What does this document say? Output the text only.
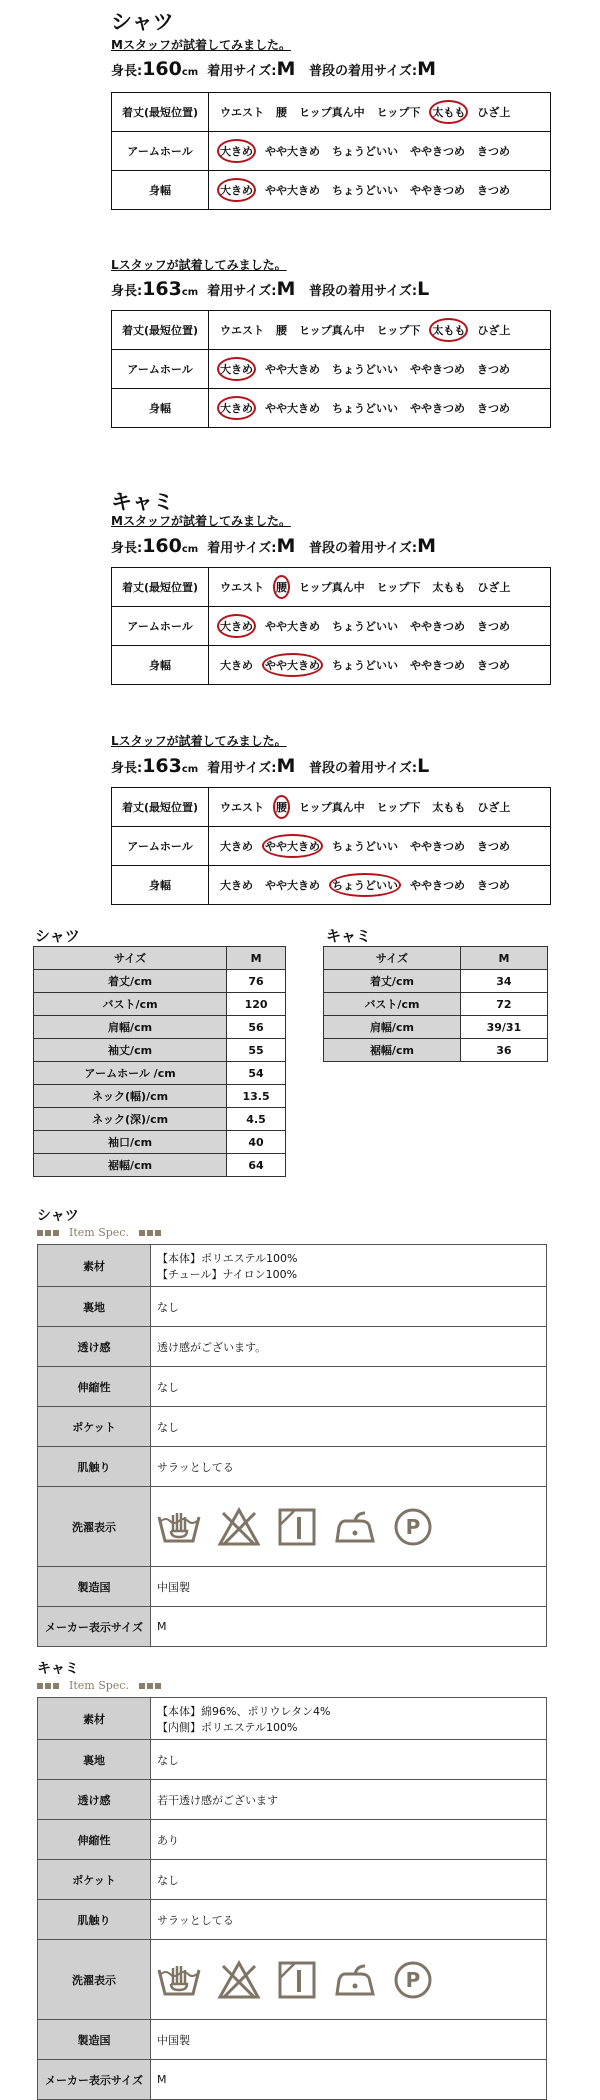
シャツ
Mスタッフが試着してみました。
身長:160cm 着用サイズ:M 普段の着用サイズ:M
着丈(最短位置)	ウエスト 腰 ヒップ真ん中 ヒップ下 太もも ひざ上
アームホール	大きめ やや大きめ ちょうどいい ややきつめ きつめ
身幅	大きめ やや大きめ ちょうどいい ややきつめ きつめ
Lスタッフが試着してみました。
身長:163cm 着用サイズ:M 普段の着用サイズ:L
着丈(最短位置)	ウエスト 腰 ヒップ真ん中 ヒップ下 太もも ひざ上
アームホール	大きめ やや大きめ ちょうどいい ややきつめ きつめ
身幅	大きめ やや大きめ ちょうどいい ややきつめ きつめ
キャミ
Mスタッフが試着してみました。
身長:160cm 着用サイズ:M 普段の着用サイズ:M
着丈(最短位置)	ウエスト 腰 ヒップ真ん中 ヒップ下 太もも ひざ上
アームホール	大きめ やや大きめ ちょうどいい ややきつめ きつめ
身幅	大きめ やや大きめ ちょうどいい ややきつめ きつめ
Lスタッフが試着してみました。
身長:163cm 着用サイズ:M 普段の着用サイズ:L
着丈(最短位置)	ウエスト 腰 ヒップ真ん中 ヒップ下 太もも ひざ上
アームホール	大きめ やや大きめ ちょうどいい ややきつめ きつめ
身幅	大きめ やや大きめ ちょうどいい ややきつめ きつめ
シャツ
サイズ	M
着丈/cm	76
バスト/cm	120
肩幅/cm	56
袖丈/cm	55
アームホール /cm	54
ネック(幅)/cm	13.5
ネック(深)/cm	4.5
袖口/cm	40
裾幅/cm	64
キャミ
サイズ	M
着丈/cm	34
バスト/cm	72
肩幅/cm	39/31
裾幅/cm	36
シャツ
Item Spec.
素材	【本体】ポリエステル100%
【チュール】ナイロン100%

裏地	なし

透け感	透け感がございます。

伸縮性	なし

ポケット	なし

肌触り	サラッとしてる

洗濯表示	P

製造国	中国製

メーカー表示サイズ	M
キャミ
Item Spec.
素材	【本体】綿96%、ポリウレタン4%
【内側】ポリエステル100%

裏地	なし

透け感	若干透け感がございます

伸縮性	あり

ポケット	なし

肌触り	サラッとしてる

洗濯表示	P

製造国	中国製

メーカー表示サイズ	M
